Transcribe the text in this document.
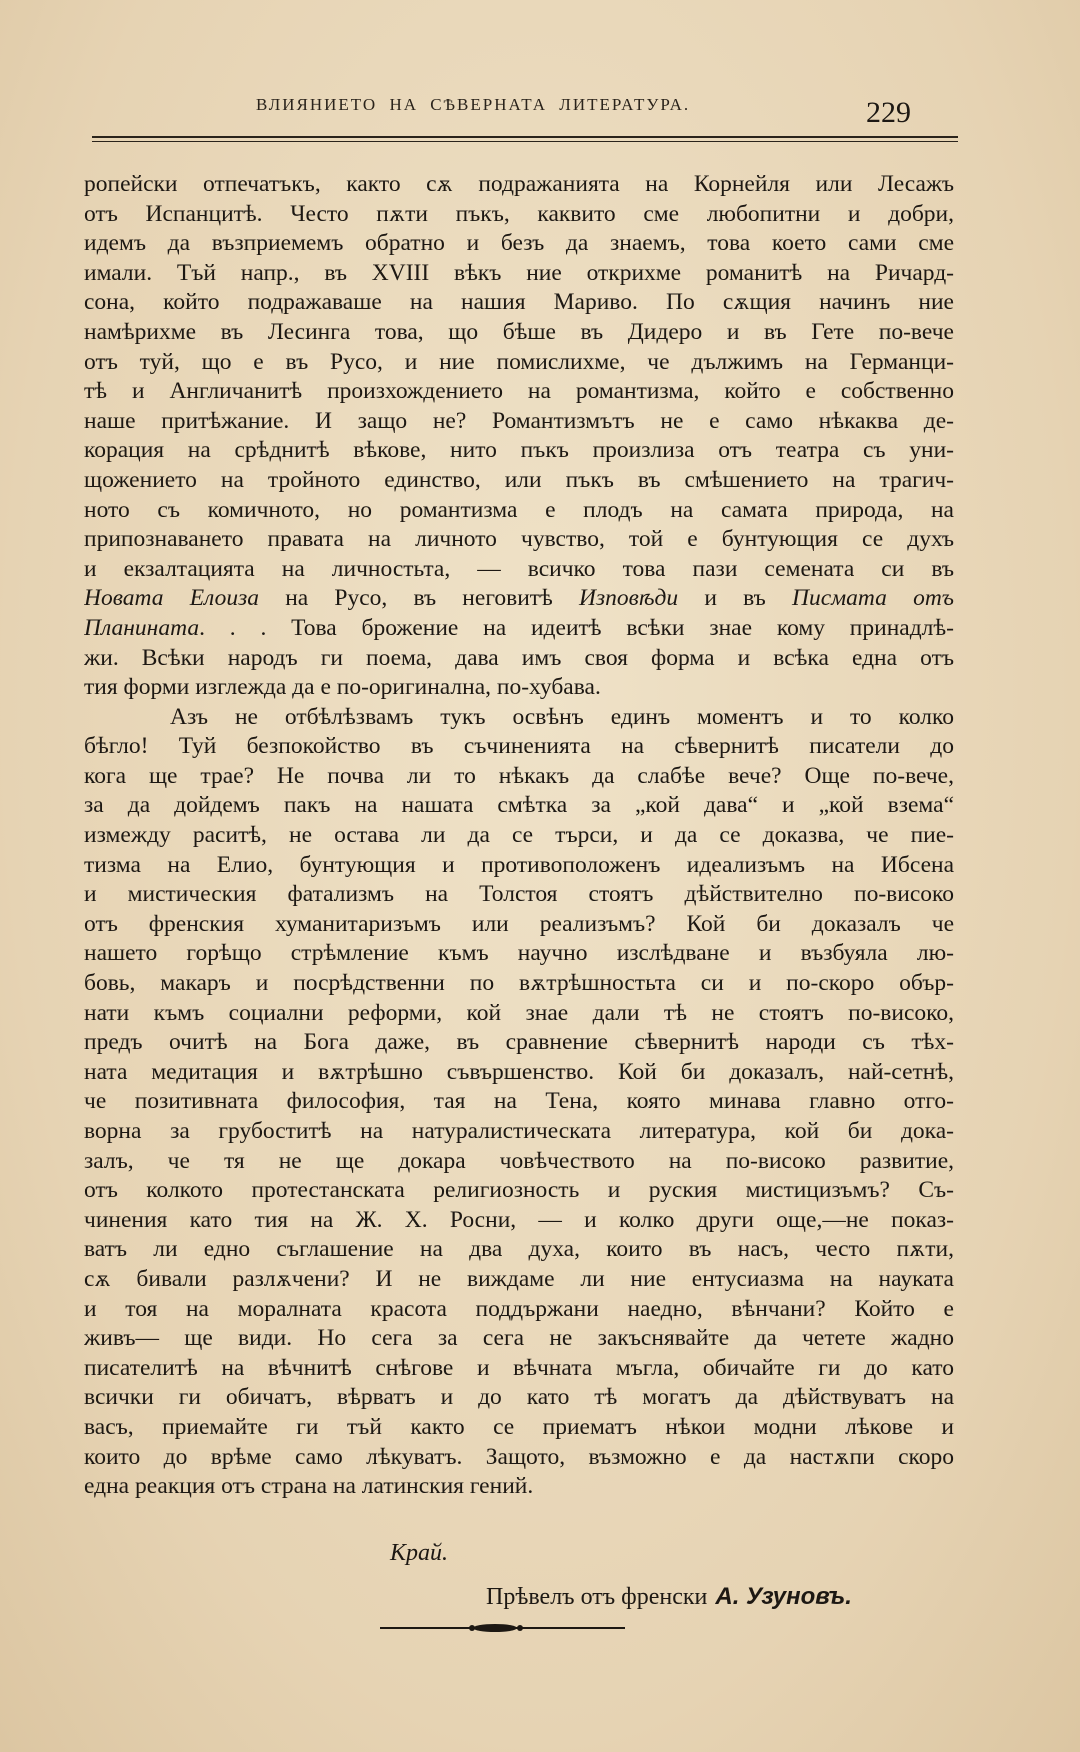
ВЛИЯНИЕТО НА СѢВЕРНАТА ЛИТЕРАТУРА.	229
ропейски отпечатъкъ, както сѫ подражанията на Корнейля или Лесажъ
отъ Испанцитѣ. Често пѫти пъкъ, каквито сме любопитни и добри,
идемъ да възприемемъ обратно и безъ да знаемъ, това което сами сме
имали. Тъй напр., въ XVIII вѣкъ ние открихме романитѣ на Ричард-
сона, който подражаваше на нашия Мариво. По сѫщия начинъ ние
намѣрихме въ Лесинга това, що бѣше въ Дидеро и въ Гете по-вече
отъ туй, що е въ Русо, и ние помислихме, че дължимъ на Германци-
тѣ и Англичанитѣ произхождението на романтизма, който е собственно
наше притѣжание. И защо не? Романтизмътъ не е само нѣкаква де-
корация на срѣднитѣ вѣкове, нито пъкъ произлиза отъ театра съ уни-
щожението на тройното единство, или пъкъ въ смѣшението на трагич-
ното съ комичното, но романтизма е плодъ на самата природа, на
припознаването правата на личното чувство, той е бунтующия се духъ
и екзалтацията на личностьта, — всичко това пази семената си въ
Новата Елоиза на Русо, въ неговитѣ Изповѣди и въ Писмата отъ
Планината. . . Това брожение на идеитѣ всѣки знае кому принадлѣ-
жи. Всѣки народъ ги поема, дава имъ своя форма и всѣка една отъ
тия форми изглежда да е по-оригинална, по-хубава.
Азъ не отбѣлѣзвамъ тукъ освѣнъ единъ моментъ и то колко
бѣгло! Туй безпокойство въ съчиненията на сѣвернитѣ писатели до
кога ще трае? Не почва ли то нѣкакъ да слабѣе вече? Още по-вече,
за да дойдемъ пакъ на нашата смѣтка за „кой дава“ и „кой взема“
измежду раситѣ, не остава ли да се търси, и да се доказва, че пие-
тизма на Елио, бунтующия и противоположенъ идеализъмъ на Ибсена
и мистическия фатализмъ на Толстоя стоятъ дѣйствително по-високо
отъ френския хуманитаризъмъ или реализъмъ? Кой би доказалъ че
нашето горѣщо стрѣмление къмъ научно изслѣдване и възбуяла лю-
бовь, макаръ и посрѣдственни по вѫтрѣшностьта си и по-скоро обър-
нати къмъ социални реформи, кой знае дали тѣ не стоятъ по-високо,
предъ очитѣ на Бога даже, въ сравнение сѣвернитѣ народи съ тѣх-
ната медитация и вѫтрѣшно съвършенство. Кой би доказалъ, най-сетнѣ,
че позитивната философия, тая на Тена, която минава главно отго-
ворна за грубоститѣ на натуралистическата литература, кой би дока-
залъ, че тя не ще докара човѣчеството на по-високо развитие,
отъ колкото протестанската религиозность и руския мистицизъмъ? Съ-
чинения като тия на Ж. Х. Росни, — и колко други още,—не показ-
ватъ ли едно съглашение на два духа, които въ насъ, често пѫти,
сѫ бивали разлѫчени? И не виждаме ли ние ентусиазма на науката
и тоя на моралната красота поддържани наедно, вѣнчани? Който е
живъ— ще види. Но сега за сега не закъснявайте да четете жадно
писателитѣ на вѣчнитѣ снѣгове и вѣчната мъгла, обичайте ги до като
всички ги обичатъ, вѣрватъ и до като тѣ могатъ да дѣйствуватъ на
васъ, приемайте ги тъй както се приематъ нѣкои модни лѣкове и
които до врѣме само лѣкуватъ. Защото, възможно е да настѫпи скоро
една реакция отъ страна на латинския гений.
Край.
Прѣвелъ отъ френски А. Узуновъ.
